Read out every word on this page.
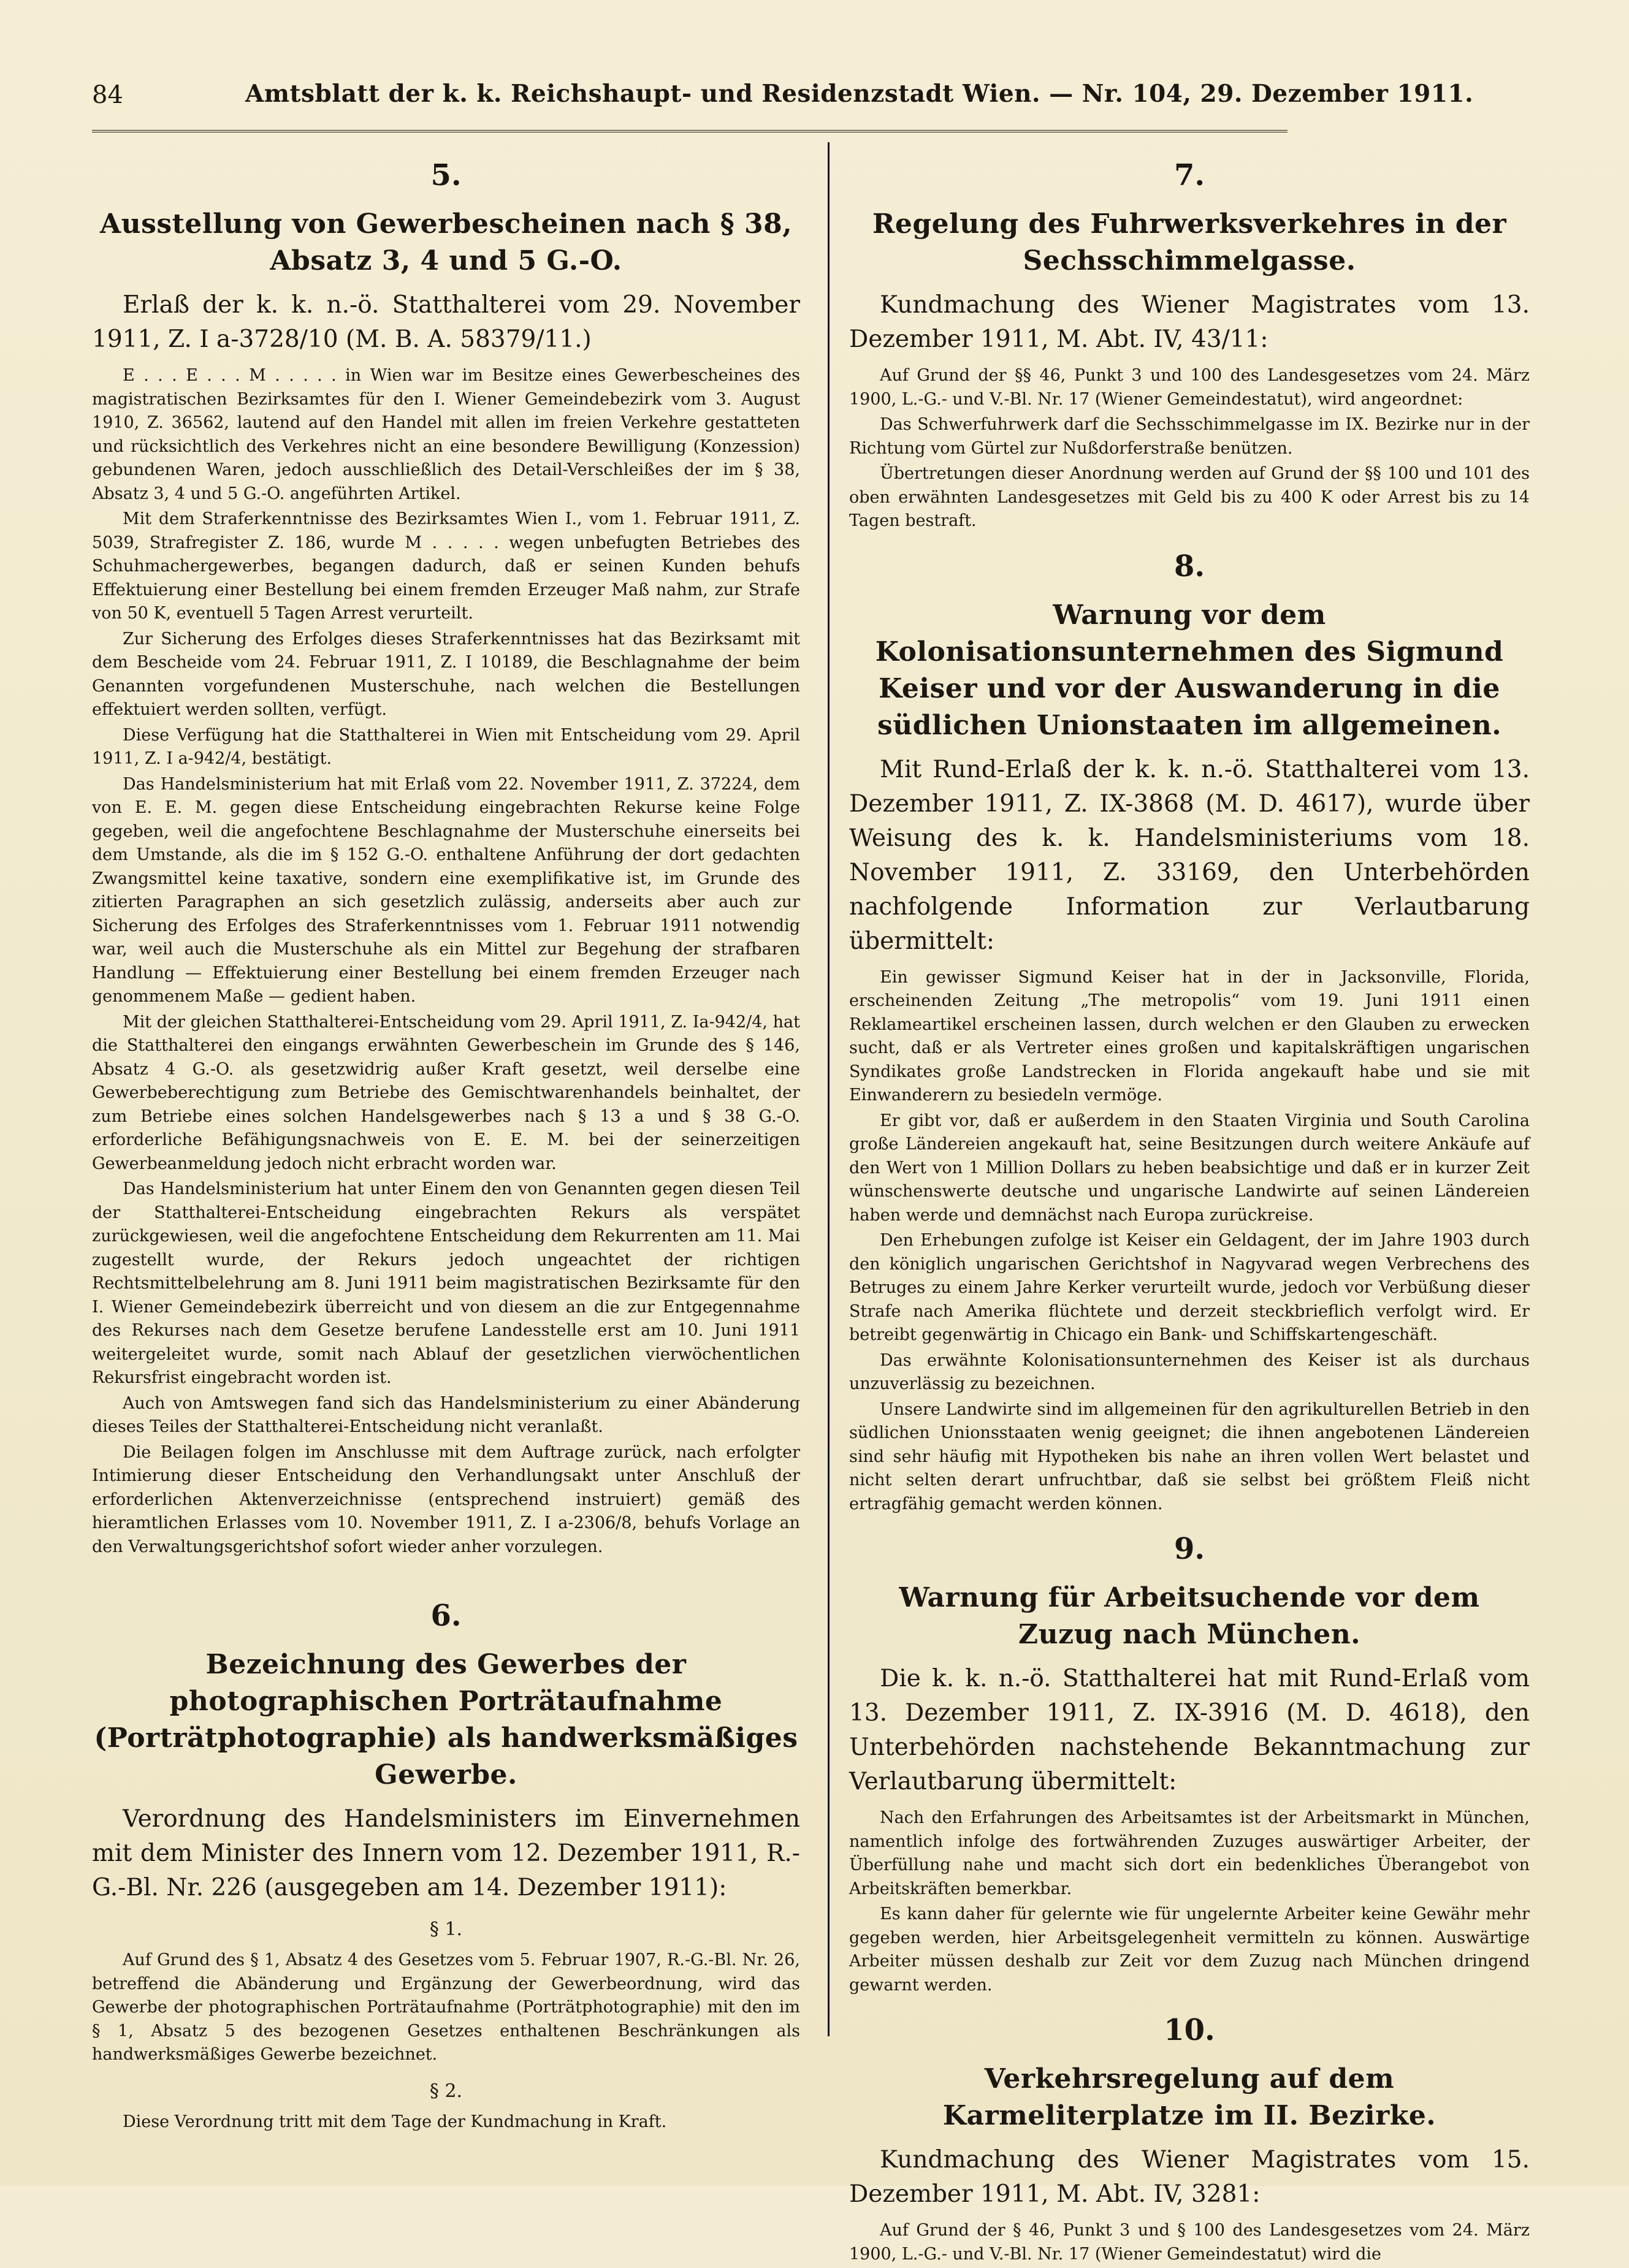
84	Amtsblatt der k. k. Reichshaupt- und Residenzstadt Wien. — Nr. 104, 29. Dezember 1911.
5.
Ausstellung von Gewerbescheinen nach § 38, Absatz 3, 4 und 5 G.-O.
Erlaß der k. k. n.-ö. Statthalterei vom 29. November 1911, Z. I a-3728/10 (M. B. A. 58379/11.)

E . . . E . . . M . . . . . in Wien war im Besitze eines Gewerbescheines des magistratischen Bezirksamtes für den I. Wiener Gemeindebezirk vom 3. August 1910, Z. 36562, lautend auf den Handel mit allen im freien Verkehre gestatteten und rücksichtlich des Verkehres nicht an eine besondere Bewilligung (Konzession) gebundenen Waren, jedoch ausschließlich des Detail-Verschleißes der im § 38, Absatz 3, 4 und 5 G.-O. angeführten Artikel.

Mit dem Straferkenntnisse des Bezirksamtes Wien I., vom 1. Februar 1911, Z. 5039, Strafregister Z. 186, wurde M . . . . . wegen unbefugten Betriebes des Schuhmachergewerbes, begangen dadurch, daß er seinen Kunden behufs Effektuierung einer Bestellung bei einem fremden Erzeuger Maß nahm, zur Strafe von 50 K, eventuell 5 Tagen Arrest verurteilt.

Zur Sicherung des Erfolges dieses Straferkenntnisses hat das Bezirksamt mit dem Bescheide vom 24. Februar 1911, Z. I 10189, die Beschlagnahme der beim Genannten vorgefundenen Musterschuhe, nach welchen die Bestellungen effektuiert werden sollten, verfügt.

Diese Verfügung hat die Statthalterei in Wien mit Entscheidung vom 29. April 1911, Z. I a-942/4, bestätigt.

Das Handelsministerium hat mit Erlaß vom 22. November 1911, Z. 37224, dem von E. E. M. gegen diese Entscheidung eingebrachten Rekurse keine Folge gegeben, weil die angefochtene Beschlagnahme der Musterschuhe einerseits bei dem Umstande, als die im § 152 G.-O. enthaltene Anführung der dort gedachten Zwangsmittel keine taxative, sondern eine exemplifikative ist, im Grunde des zitierten Paragraphen an sich gesetzlich zulässig, anderseits aber auch zur Sicherung des Erfolges des Straferkenntnisses vom 1. Februar 1911 notwendig war, weil auch die Musterschuhe als ein Mittel zur Begehung der strafbaren Handlung — Effektuierung einer Bestellung bei einem fremden Erzeuger nach genommenem Maße — gedient haben.

Mit der gleichen Statthalterei-Entscheidung vom 29. April 1911, Z. Ia-942/4, hat die Statthalterei den eingangs erwähnten Gewerbeschein im Grunde des § 146, Absatz 4 G.-O. als gesetzwidrig außer Kraft gesetzt, weil derselbe eine Gewerbeberechtigung zum Betriebe des Gemischtwarenhandels beinhaltet, der zum Betriebe eines solchen Handelsgewerbes nach § 13 a und § 38 G.-O. erforderliche Befähigungsnachweis von E. E. M. bei der seinerzeitigen Gewerbeanmeldung jedoch nicht erbracht worden war.

Das Handelsministerium hat unter Einem den von Genannten gegen diesen Teil der Statthalterei-Entscheidung eingebrachten Rekurs als verspätet zurückgewiesen, weil die angefochtene Entscheidung dem Rekurrenten am 11. Mai zugestellt wurde, der Rekurs jedoch ungeachtet der richtigen Rechtsmittelbelehrung am 8. Juni 1911 beim magistratischen Bezirksamte für den I. Wiener Gemeindebezirk überreicht und von diesem an die zur Entgegennahme des Rekurses nach dem Gesetze berufene Landesstelle erst am 10. Juni 1911 weitergeleitet wurde, somit nach Ablauf der gesetzlichen vierwöchentlichen Rekursfrist eingebracht worden ist.

Auch von Amtswegen fand sich das Handelsministerium zu einer Abänderung dieses Teiles der Statthalterei-Entscheidung nicht veranlaßt.

Die Beilagen folgen im Anschlusse mit dem Auftrage zurück, nach erfolgter Intimierung dieser Entscheidung den Verhandlungsakt unter Anschluß der erforderlichen Aktenverzeichnisse (entsprechend instruiert) gemäß des hieramtlichen Erlasses vom 10. November 1911, Z. I a-2306/8, behufs Vorlage an den Verwaltungsgerichtshof sofort wieder anher vorzulegen.

6.
Bezeichnung des Gewerbes der photographischen Porträtaufnahme (Porträtphotographie) als handwerksmäßiges Gewerbe.
Verordnung des Handelsministers im Einvernehmen mit dem Minister des Innern vom 12. Dezember 1911, R.-G.-Bl. Nr. 226 (ausgegeben am 14. Dezember 1911):
§ 1.

Auf Grund des § 1, Absatz 4 des Gesetzes vom 5. Februar 1907, R.-G.-Bl. Nr. 26, betreffend die Abänderung und Ergänzung der Gewerbeordnung, wird das Gewerbe der photographischen Porträtaufnahme (Porträtphotographie) mit den im § 1, Absatz 5 des bezogenen Gesetzes enthaltenen Beschränkungen als handwerksmäßiges Gewerbe bezeichnet.

§ 2.

Diese Verordnung tritt mit dem Tage der Kundmachung in Kraft.

7.
Regelung des Fuhrwerksverkehres in der Sechsschimmelgasse.
Kundmachung des Wiener Magistrates vom 13. Dezember 1911, M. Abt. IV, 43/11:

Auf Grund der §§ 46, Punkt 3 und 100 des Landesgesetzes vom 24. März 1900, L.-G.- und V.-Bl. Nr. 17 (Wiener Gemeindestatut), wird angeordnet:

Das Schwerfuhrwerk darf die Sechsschimmelgasse im IX. Bezirke nur in der Richtung vom Gürtel zur Nußdorferstraße benützen.

Übertretungen dieser Anordnung werden auf Grund der §§ 100 und 101 des oben erwähnten Landesgesetzes mit Geld bis zu 400 K oder Arrest bis zu 14 Tagen bestraft.

8.
Warnung vor dem Kolonisationsunternehmen des Sigmund Keiser und vor der Auswanderung in die südlichen Unionstaaten im allgemeinen.
Mit Rund-Erlaß der k. k. n.-ö. Statthalterei vom 13. Dezember 1911, Z. IX-3868 (M. D. 4617), wurde über Weisung des k. k. Handelsministeriums vom 18. November 1911, Z. 33169, den Unterbehörden nachfolgende Information zur Verlautbarung übermittelt:

Ein gewisser Sigmund Keiser hat in der in Jacksonville, Florida, erscheinenden Zeitung „The metropolis“ vom 19. Juni 1911 einen Reklameartikel erscheinen lassen, durch welchen er den Glauben zu erwecken sucht, daß er als Vertreter eines großen und kapitalskräftigen ungarischen Syndikates große Landstrecken in Florida angekauft habe und sie mit Einwanderern zu besiedeln vermöge.

Er gibt vor, daß er außerdem in den Staaten Virginia und South Carolina große Ländereien angekauft hat, seine Besitzungen durch weitere Ankäufe auf den Wert von 1 Million Dollars zu heben beabsichtige und daß er in kurzer Zeit wünschenswerte deutsche und ungarische Landwirte auf seinen Ländereien haben werde und demnächst nach Europa zurückreise.

Den Erhebungen zufolge ist Keiser ein Geldagent, der im Jahre 1903 durch den königlich ungarischen Gerichtshof in Nagyvarad wegen Verbrechens des Betruges zu einem Jahre Kerker verurteilt wurde, jedoch vor Verbüßung dieser Strafe nach Amerika flüchtete und derzeit steckbrieflich verfolgt wird. Er betreibt gegenwärtig in Chicago ein Bank- und Schiffskartengeschäft.

Das erwähnte Kolonisationsunternehmen des Keiser ist als durchaus unzuverlässig zu bezeichnen.

Unsere Landwirte sind im allgemeinen für den agrikulturellen Betrieb in den südlichen Unionsstaaten wenig geeignet; die ihnen angebotenen Ländereien sind sehr häufig mit Hypotheken bis nahe an ihren vollen Wert belastet und nicht selten derart unfruchtbar, daß sie selbst bei größtem Fleiß nicht ertragfähig gemacht werden können.

9.
Warnung für Arbeitsuchende vor dem Zuzug nach München.
Die k. k. n.-ö. Statthalterei hat mit Rund-Erlaß vom 13. Dezember 1911, Z. IX-3916 (M. D. 4618), den Unterbehörden nachstehende Bekanntmachung zur Verlautbarung übermittelt:

Nach den Erfahrungen des Arbeitsamtes ist der Arbeitsmarkt in München, namentlich infolge des fortwährenden Zuzuges auswärtiger Arbeiter, der Überfüllung nahe und macht sich dort ein bedenkliches Überangebot von Arbeitskräften bemerkbar.

Es kann daher für gelernte wie für ungelernte Arbeiter keine Gewähr mehr gegeben werden, hier Arbeitsgelegenheit vermitteln zu können. Auswärtige Arbeiter müssen deshalb zur Zeit vor dem Zuzug nach München dringend gewarnt werden.

10.
Verkehrsregelung auf dem Karmeliterplatze im II. Bezirke.
Kundmachung des Wiener Magistrates vom 15. Dezember 1911, M. Abt. IV, 3281:

Auf Grund der § 46, Punkt 3 und § 100 des Landesgesetzes vom 24. März 1900, L.-G.- und V.-Bl. Nr. 17 (Wiener Gemeindestatut) wird die
